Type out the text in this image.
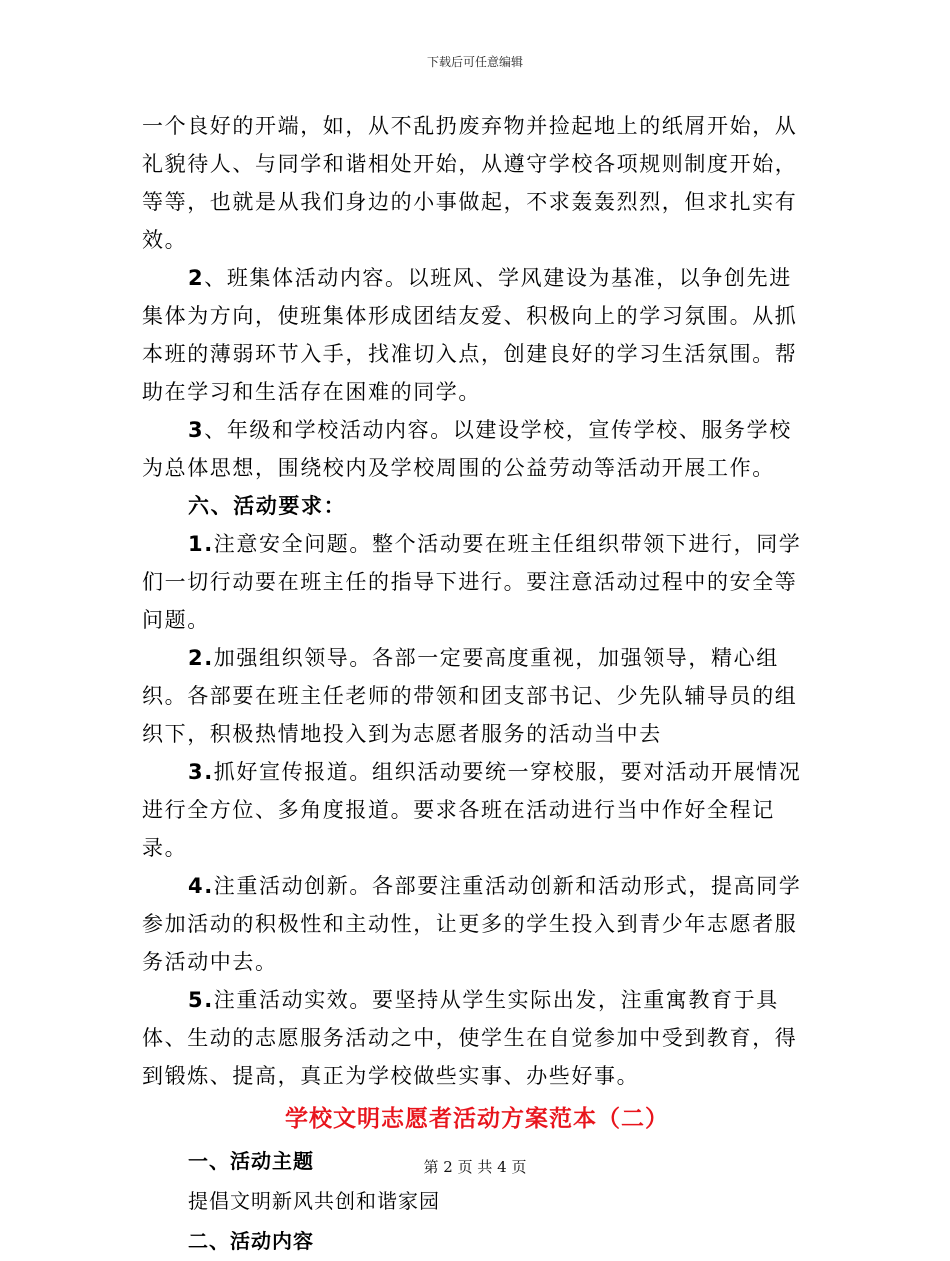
下载后可任意编辑

一个良好的开端，如，从不乱扔废弃物并捡起地上的纸屑开始，从礼貌待人、与同学和谐相处开始，从遵守学校各项规则制度开始，等等，也就是从我们身边的小事做起，不求轰轰烈烈，但求扎实有效。

2、班集体活动内容。以班风、学风建设为基准，以争创先进集体为方向，使班集体形成团结友爱、积极向上的学习氛围。从抓本班的薄弱环节入手，找准切入点，创建良好的学习生活氛围。帮助在学习和生活存在困难的同学。

3、年级和学校活动内容。以建设学校，宣传学校、服务学校为总体思想，围绕校内及学校周围的公益劳动等活动开展工作。

六、活动要求：

1.注意安全问题。整个活动要在班主任组织带领下进行，同学们一切行动要在班主任的指导下进行。要注意活动过程中的安全等问题。

2.加强组织领导。各部一定要高度重视，加强领导，精心组织。各部要在班主任老师的带领和团支部书记、少先队辅导员的组织下，积极热情地投入到为志愿者服务的活动当中去

3.抓好宣传报道。组织活动要统一穿校服，要对活动开展情况进行全方位、多角度报道。要求各班在活动进行当中作好全程记录。

4.注重活动创新。各部要注重活动创新和活动形式，提高同学参加活动的积极性和主动性，让更多的学生投入到青少年志愿者服务活动中去。

5.注重活动实效。要坚持从学生实际出发，注重寓教育于具体、生动的志愿服务活动之中，使学生在自觉参加中受到教育，得到锻炼、提高，真正为学校做些实事、办些好事。

学校文明志愿者活动方案范本（二）

一、活动主题

提倡文明新风共创和谐家园

二、活动内容

第 2 页 共 4 页
